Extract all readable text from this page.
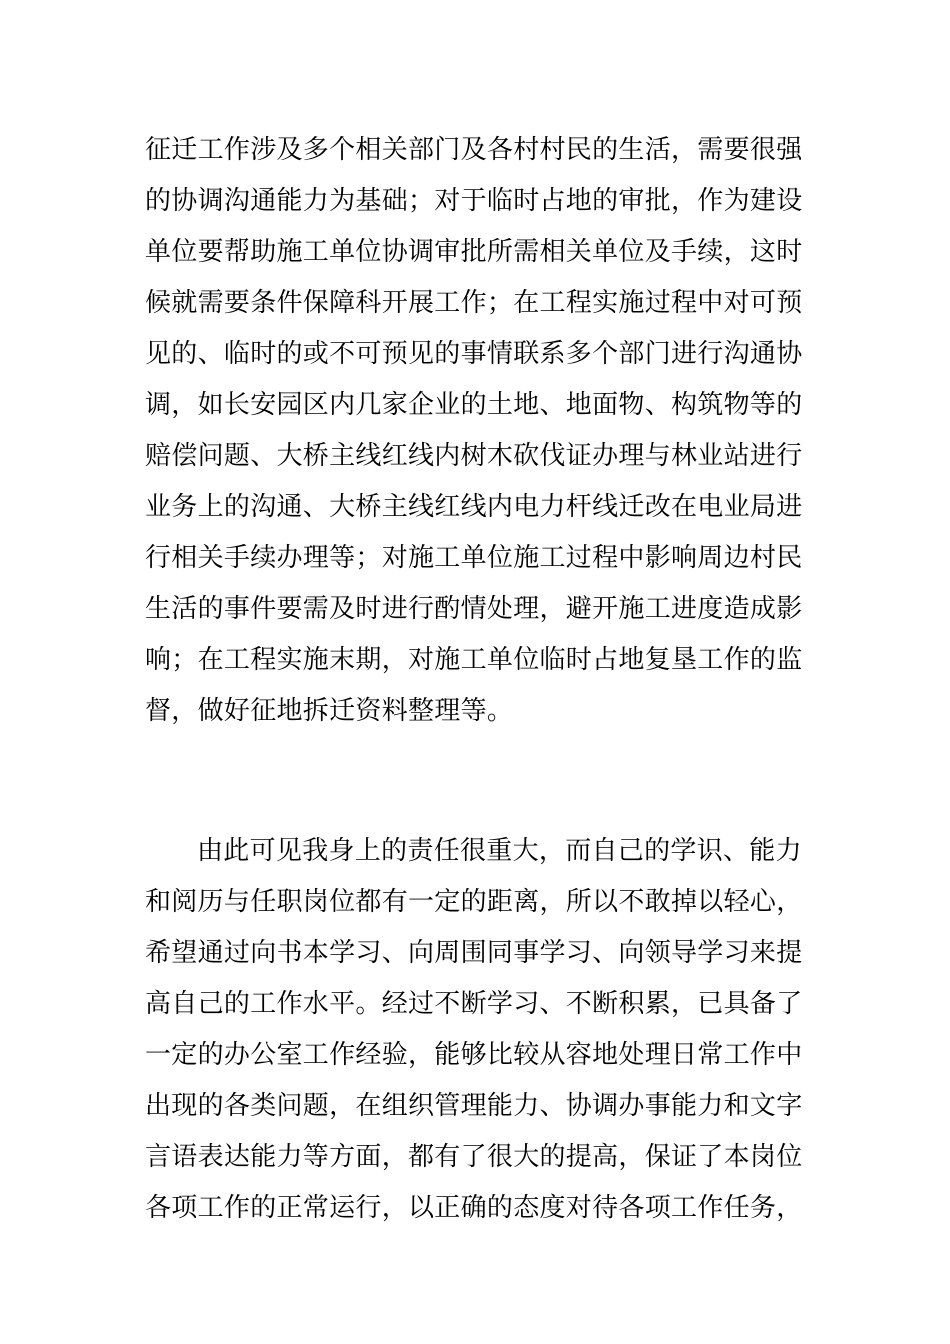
征迁工作涉及多个相关部门及各村村民的生活，需要很强
的协调沟通能力为基础；对于临时占地的审批，作为建设
单位要帮助施工单位协调审批所需相关单位及手续，这时
候就需要条件保障科开展工作；在工程实施过程中对可预
见的、临时的或不可预见的事情联系多个部门进行沟通协
调，如长安园区内几家企业的土地、地面物、构筑物等的
赔偿问题、大桥主线红线内树木砍伐证办理与林业站进行
业务上的沟通、大桥主线红线内电力杆线迁改在电业局进
行相关手续办理等；对施工单位施工过程中影响周边村民
生活的事件要需及时进行酌情处理，避开施工进度造成影
响；在工程实施末期，对施工单位临时占地复垦工作的监
督，做好征地拆迁资料整理等。
由此可见我身上的责任很重大，而自己的学识、能力
和阅历与任职岗位都有一定的距离，所以不敢掉以轻心，
希望通过向书本学习、向周围同事学习、向领导学习来提
高自己的工作水平。经过不断学习、不断积累，已具备了
一定的办公室工作经验，能够比较从容地处理日常工作中
出现的各类问题，在组织管理能力、协调办事能力和文字
言语表达能力等方面，都有了很大的提高，保证了本岗位
各项工作的正常运行，以正确的态度对待各项工作任务，
